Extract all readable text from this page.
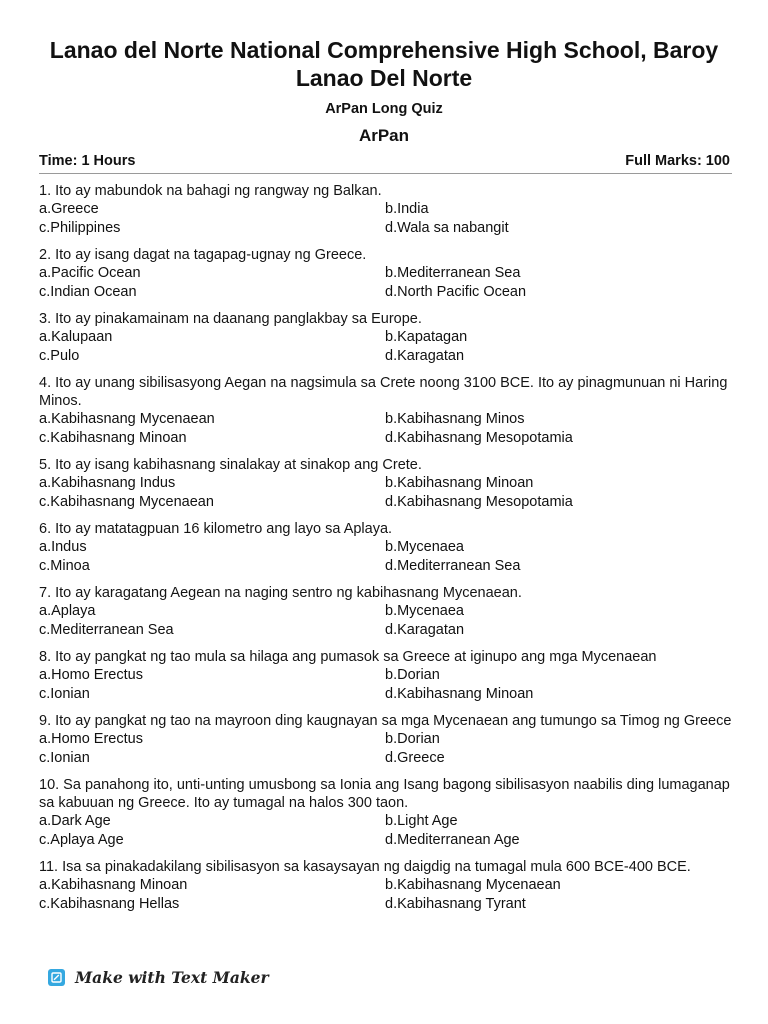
Lanao del Norte National Comprehensive High School, Baroy Lanao Del Norte
ArPan Long Quiz
ArPan
Time: 1 Hours	Full Marks: 100
1. Ito ay mabundok na bahagi ng rangway ng Balkan.
a.Greece	b.India
c.Philippines	d.Wala sa nabangit
2. Ito ay isang dagat na tagapag-ugnay ng Greece.
a.Pacific Ocean	b.Mediterranean Sea
c.Indian Ocean	d.North Pacific Ocean
3. Ito ay pinakamainam na daanang panglakbay sa Europe.
a.Kalupaan	b.Kapatagan
c.Pulo	d.Karagatan
4. Ito ay unang sibilisasyong Aegan na nagsimula sa Crete noong 3100 BCE. Ito ay pinagmunuan ni Haring Minos.
a.Kabihasnang Mycenaean	b.Kabihasnang Minos
c.Kabihasnang Minoan	d.Kabihasnang Mesopotamia
5. Ito ay isang kabihasnang sinalakay at sinakop ang Crete.
a.Kabihasnang Indus	b.Kabihasnang Minoan
c.Kabihasnang Mycenaean	d.Kabihasnang Mesopotamia
6. Ito ay matatagpuan 16 kilometro ang layo sa Aplaya.
a.Indus	b.Mycenaea
c.Minoa	d.Mediterranean Sea
7. Ito ay karagatang Aegean na naging sentro ng kabihasnang Mycenaean.
a.Aplaya	b.Mycenaea
c.Mediterranean Sea	d.Karagatan
8. Ito ay pangkat ng tao mula sa hilaga ang pumasok sa Greece at iginupo ang mga Mycenaean
a.Homo Erectus	b.Dorian
c.Ionian	d.Kabihasnang Minoan
9. Ito ay pangkat ng tao na mayroon ding kaugnayan sa mga Mycenaean ang tumungo sa Timog ng Greece
a.Homo Erectus	b.Dorian
c.Ionian	d.Greece
10. Sa panahong ito, unti-unting umusbong sa Ionia ang Isang bagong sibilisasyon naabilis ding lumaganap sa kabuuan ng Greece. Ito ay tumagal na halos 300 taon.
a.Dark Age	b.Light Age
c.Aplaya Age	d.Mediterranean Age
11. Isa sa pinakadakilang sibilisasyon sa kasaysayan ng daigdig na tumagal mula 600 BCE-400 BCE.
a.Kabihasnang Minoan	b.Kabihasnang Mycenaean
c.Kabihasnang Hellas	d.Kabihasnang Tyrant
Make with Text Maker
